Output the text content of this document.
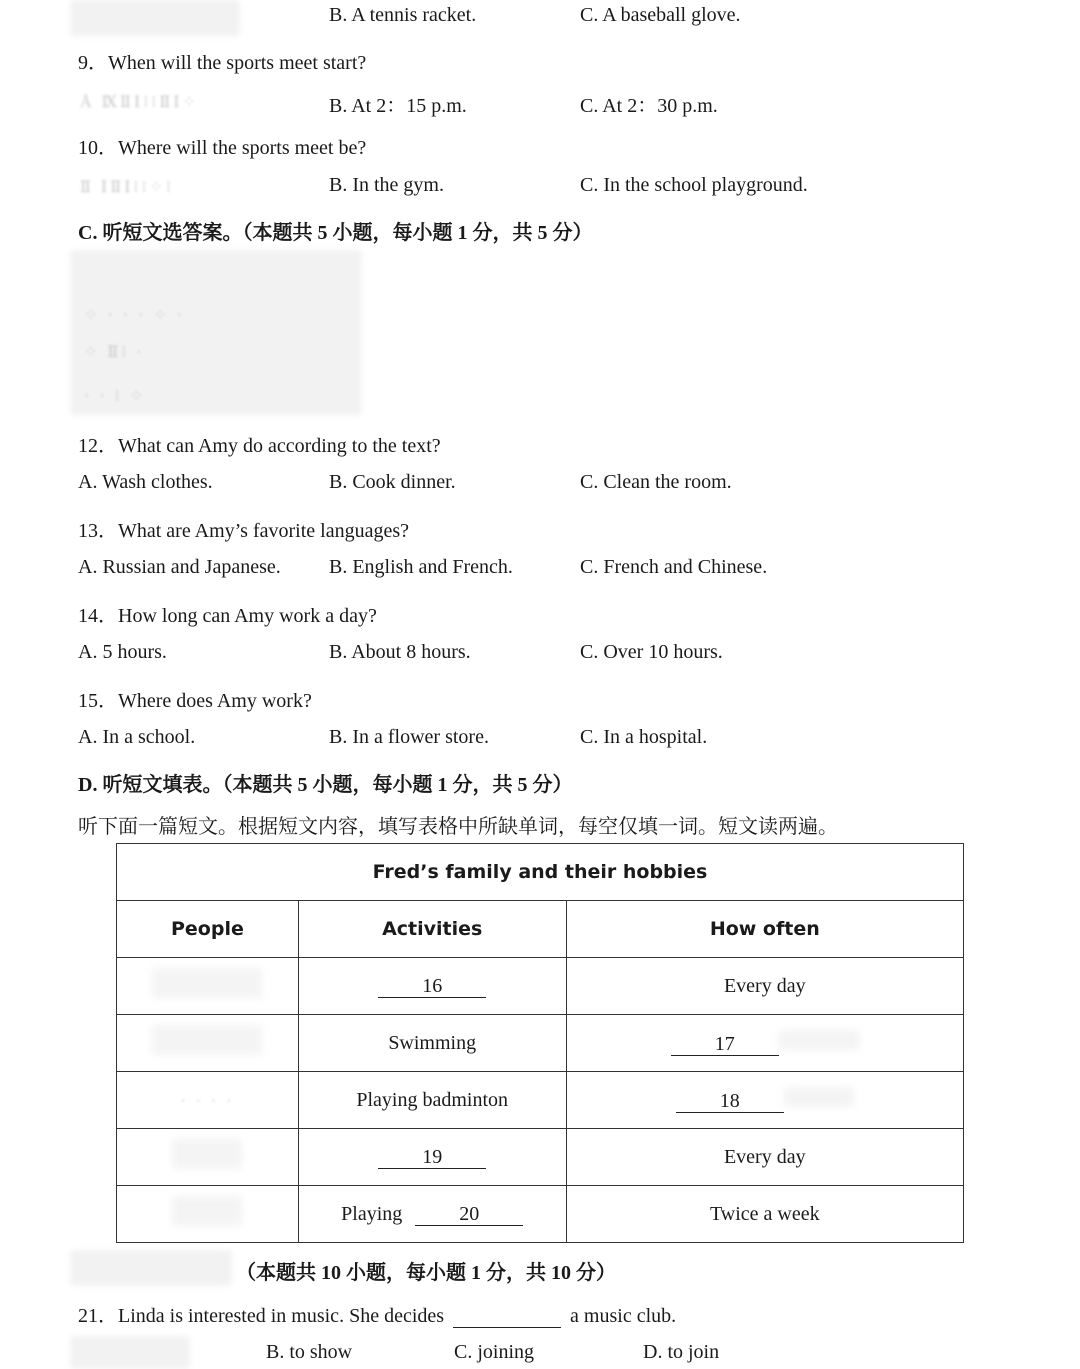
B. A tennis racket.	C. A baseball glove.
9．When will the sports meet start?
Å ⅨⅡⅠ⁝⁝ⅡⅠ⁘	B. At 2：15 p.m.	C. At 2：30 p.m.
10．Where will the sports meet be?
Ⅱ ⅠⅡⅠ⁝⁝⁘⁝	B. In the gym.	C. In the school playground.
C. 听短文选答案。（本题共 5 小题，每小题 1 分，共 5 分）
⁘ · · · ⁘ ·
⁘ Ⅱ⁝ ·
· · ⁝ ⁘
12．What can Amy do according to the text?
A. Wash clothes.	B. Cook dinner.	C. Clean the room.
13．What are Amy’s favorite languages?
A. Russian and Japanese. B. English and French.	C. French and Chinese.
14．How long can Amy work a day?
A. 5 hours.	B. About 8 hours.	C. Over 10 hours.
15．Where does Amy work?
A. In a school.	B. In a flower store.	C. In a hospital.
D. 听短文填表。（本题共 5 小题，每小题 1 分，共 5 分）
听下面一篇短文。根据短文内容，填写表格中所缺单词，每空仅填一词。短文读两遍。
Fred’s family and their hobbies		
People	Activities	How often
	16	Every day
	Swimming	17
· · · ·	Playing badminton	18
	19	Every day
	Playing 20	Twice a week
（本题共 10 小题，每小题 1 分，共 10 分）
21．Linda is interested in music. She decides	a music club.
B. to show	C. joining	D. to join
